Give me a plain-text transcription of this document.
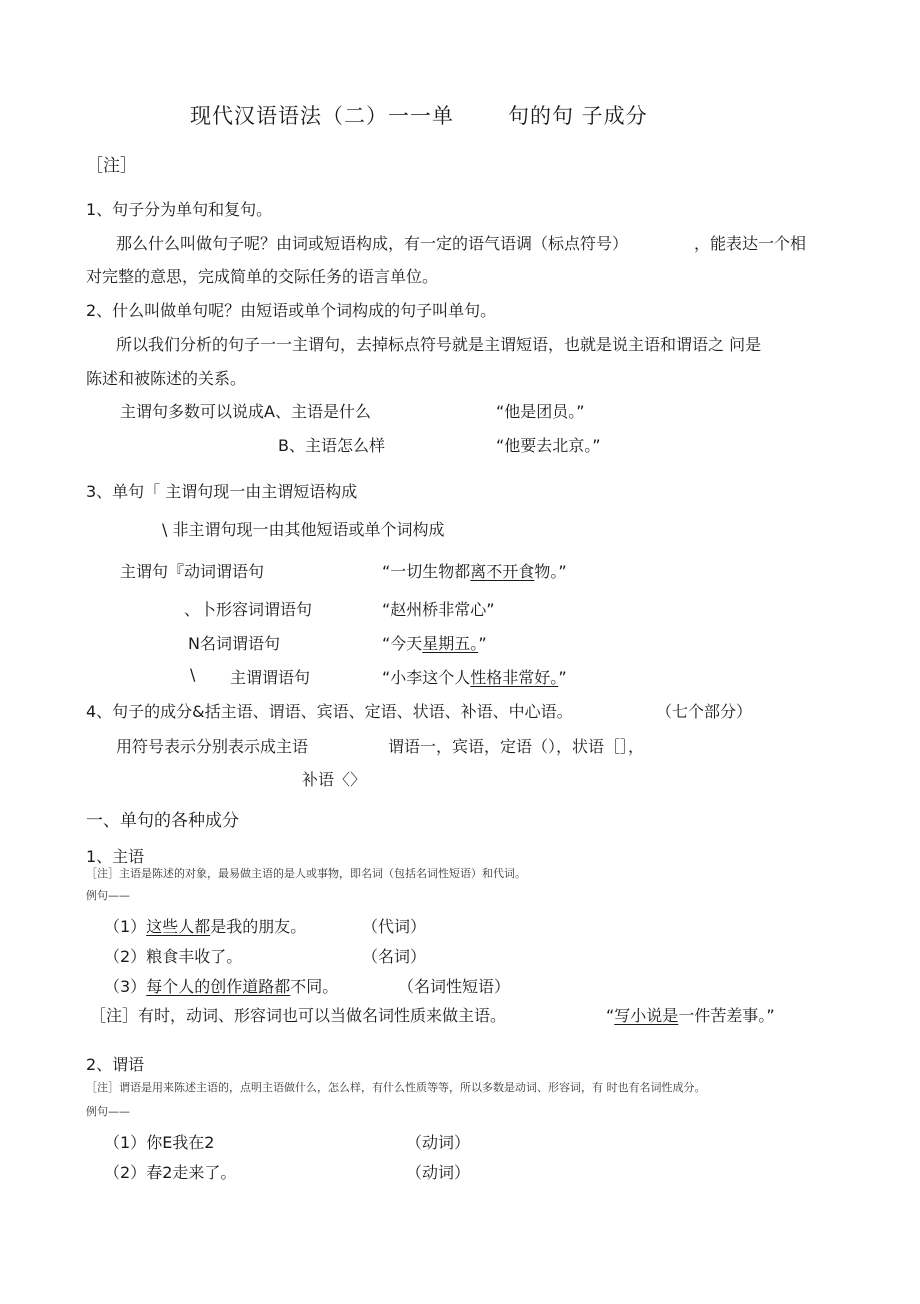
现代汉语语法（二）一一单	句的句 子成分
［注］
1、句子分为单句和复句。
那么什么叫做句子呢？由词或短语构成，有一定的语气语调（标点符号）	，能表达一个相
对完整的意思，完成简单的交际任务的语言单位。
2、什么叫做单句呢？由短语或单个词构成的句子叫单句。
所以我们分析的句子一一主谓句，去掉标点符号就是主谓短语，也就是说主语和谓语之 问是
陈述和被陈述的关系。
主谓句多数可以说成A、主语是什么	“他是团员。”
B、主语怎么样	“他要去北京。”
3、单句「 主谓句现一由主谓短语构成
\ 非主谓句现一由其他短语或单个词构成
主谓句『动词谓语句	“一切生物都离不开食物。”
、卜形容词谓语句	“赵州桥非常心”
N名词谓语句	“今天星期五。”
\ 主谓谓语句	“小李这个人性格非常好。”
4、句子的成分&括主语、谓语、宾语、定语、状语、补语、中心语。	（七个部分）
用符号表示分别表示成主语	谓语一，宾语，定语（），状语［］，
补语〈〉
一、单句的各种成分
1、主语
［注］主语是陈述的对象，最易做主语的是人或事物，即名词（包括名词性短语）和代词。
例句——
（1）这些人都是我的朋友。	（代词）
（2）粮食丰收了。	（名词）
（3）每个人的创作道路都不同。	（名词性短语）
［注］有时，动词、形容词也可以当做名词性质来做主语。	“写小说是一件苦差事。”
2、谓语
［注］谓语是用来陈述主语的，点明主语做什么，怎么样，有什么性质等等，所以多数是动词、形容词，有 时也有名词性成分。
例句——
（1）你E我在2	（动词）
（2）春2走来了。	（动词）
